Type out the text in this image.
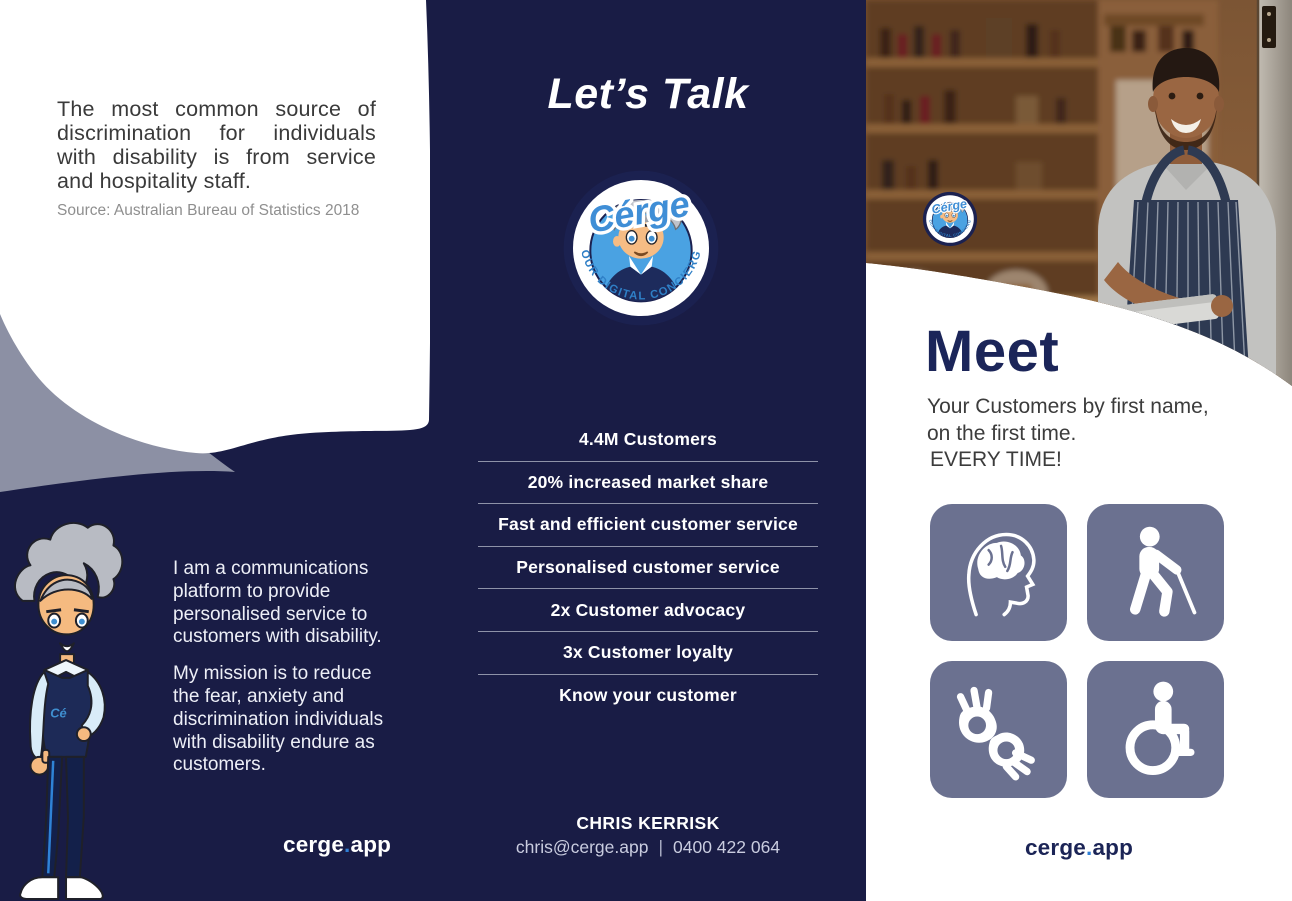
The most common source of discrimination for individuals with disability is from service and hospitality staff.
Source: Australian Bureau of Statistics 2018
Cé

I am a communications platform to provide personalised service to customers with disability.

My mission is to reduce the fear, anxiety and discrimination individuals with disability endure as customers.

cerge.app
Let’s Talk
4.4M Customers
20% increased market share
Fast and efficient customer service
Personalised customer service
2x Customer advocacy
3x Customer loyalty
Know your customer
CHRIS KERRISK
chris@cerge.app | 0400 422 064
Meet
Your Customers by first name,
on the first time.
EVERY TIME!
cerge.app
